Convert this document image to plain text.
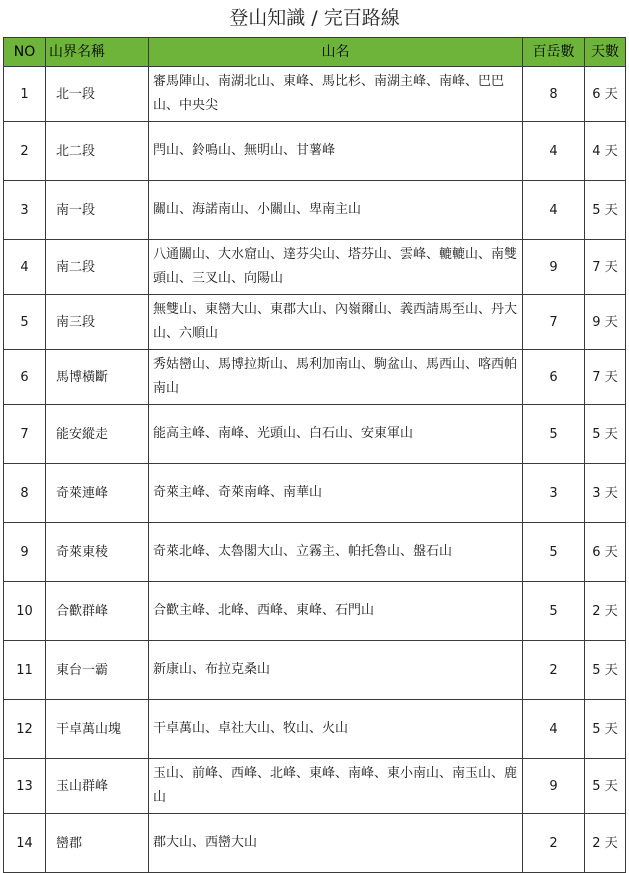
登山知識 / 完百路線
NO	山界名稱	山名	百岳數	天數
1	北一段	審馬陣山、南湖北山、東峰、馬比杉、南湖主峰、南峰、巴巴山、中央尖	8	6 天
2	北二段	閂山、鈴鳴山、無明山、甘薯峰	4	4 天
3	南一段	關山、海諾南山、小關山、卑南主山	4	5 天
4	南二段	八通關山、大水窟山、達芬尖山、塔芬山、雲峰、轆轆山、南雙頭山、三叉山、向陽山	9	7 天
5	南三段	無雙山、東巒大山、東郡大山、內嶺爾山、義西請馬至山、丹大山、六順山	7	9 天
6	馬博橫斷	秀姑巒山、馬博拉斯山、馬利加南山、駒盆山、馬西山、喀西帕南山	6	7 天
7	能安縱走	能高主峰、南峰、光頭山、白石山、安東軍山	5	5 天
8	奇萊連峰	奇萊主峰、奇萊南峰、南華山	3	3 天
9	奇萊東稜	奇萊北峰、太魯閣大山、立霧主、帕托魯山、盤石山	5	6 天
10	合歡群峰	合歡主峰、北峰、西峰、東峰、石門山	5	2 天
11	東台一霸	新康山、布拉克桑山	2	5 天
12	干卓萬山塊	干卓萬山、卓社大山、牧山、火山	4	5 天
13	玉山群峰	玉山、前峰、西峰、北峰、東峰、南峰、東小南山、南玉山、鹿山	9	5 天
14	巒郡	郡大山、西巒大山	2	2 天
